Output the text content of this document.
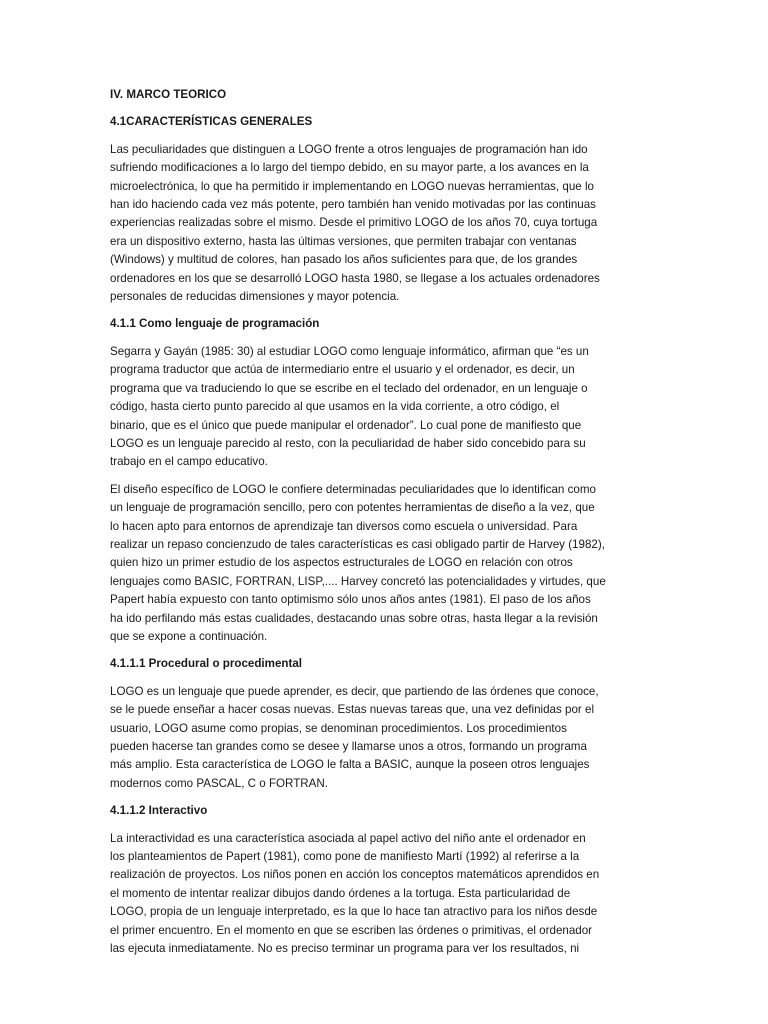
IV. MARCO TEORICO
4.1CARACTERÍSTICAS GENERALES
Las peculiaridades que distinguen a LOGO frente a otros lenguajes de programación han ido
sufriendo modificaciones a lo largo del tiempo debido, en su mayor parte, a los avances en la
microelectrónica, lo que ha permitido ir implementando en LOGO nuevas herramientas, que lo
han ido haciendo cada vez más potente, pero también han venido motivadas por las continuas
experiencias realizadas sobre el mismo. Desde el primitivo LOGO de los años 70, cuya tortuga
era un dispositivo externo, hasta las últimas versiones, que permiten trabajar con ventanas
(Windows) y multitud de colores, han pasado los años suficientes para que, de los grandes
ordenadores en los que se desarrolló LOGO hasta 1980, se llegase a los actuales ordenadores
personales de reducidas dimensiones y mayor potencia.
4.1.1 Como lenguaje de programación
Segarra y Gayán (1985: 30) al estudiar LOGO como lenguaje informático, afirman que “es un
programa traductor que actúa de intermediario entre el usuario y el ordenador, es decir, un
programa que va traduciendo lo que se escribe en el teclado del ordenador, en un lenguaje o
código, hasta cierto punto parecido al que usamos en la vida corriente, a otro código, el
binario, que es el único que puede manipular el ordenador”. Lo cual pone de manifiesto que
LOGO es un lenguaje parecido al resto, con la peculiaridad de haber sido concebido para su
trabajo en el campo educativo.
El diseño específico de LOGO le confiere determinadas peculiaridades que lo identifican como
un lenguaje de programación sencillo, pero con potentes herramientas de diseño a la vez, que
lo hacen apto para entornos de aprendizaje tan diversos como escuela o universidad. Para
realizar un repaso concienzudo de tales características es casi obligado partir de Harvey (1982),
quien hizo un primer estudio de los aspectos estructurales de LOGO en relación con otros
lenguajes como BASIC, FORTRAN, LISP,.... Harvey concretó las potencialidades y virtudes, que
Papert había expuesto con tanto optimismo sólo unos años antes (1981). El paso de los años
ha ido perfilando más estas cualidades, destacando unas sobre otras, hasta llegar a la revisión
que se expone a continuación.
4.1.1.1 Procedural o procedimental
LOGO es un lenguaje que puede aprender, es decir, que partiendo de las órdenes que conoce,
se le puede enseñar a hacer cosas nuevas. Estas nuevas tareas que, una vez definidas por el
usuario, LOGO asume como propias, se denominan procedimientos. Los procedimientos
pueden hacerse tan grandes como se desee y llamarse unos a otros, formando un programa
más amplio. Esta característica de LOGO le falta a BASIC, aunque la poseen otros lenguajes
modernos como PASCAL, C o FORTRAN.
4.1.1.2 Interactivo
La interactividad es una característica asociada al papel activo del niño ante el ordenador en
los planteamientos de Papert (1981), como pone de manifiesto Martí (1992) al referirse a la
realización de proyectos. Los niños ponen en acción los conceptos matemáticos aprendidos en
el momento de intentar realizar dibujos dando órdenes a la tortuga. Esta particularidad de
LOGO, propia de un lenguaje interpretado, es la que lo hace tan atractivo para los niños desde
el primer encuentro. En el momento en que se escriben las órdenes o primitivas, el ordenador
las ejecuta inmediatamente. No es preciso terminar un programa para ver los resultados, ni
